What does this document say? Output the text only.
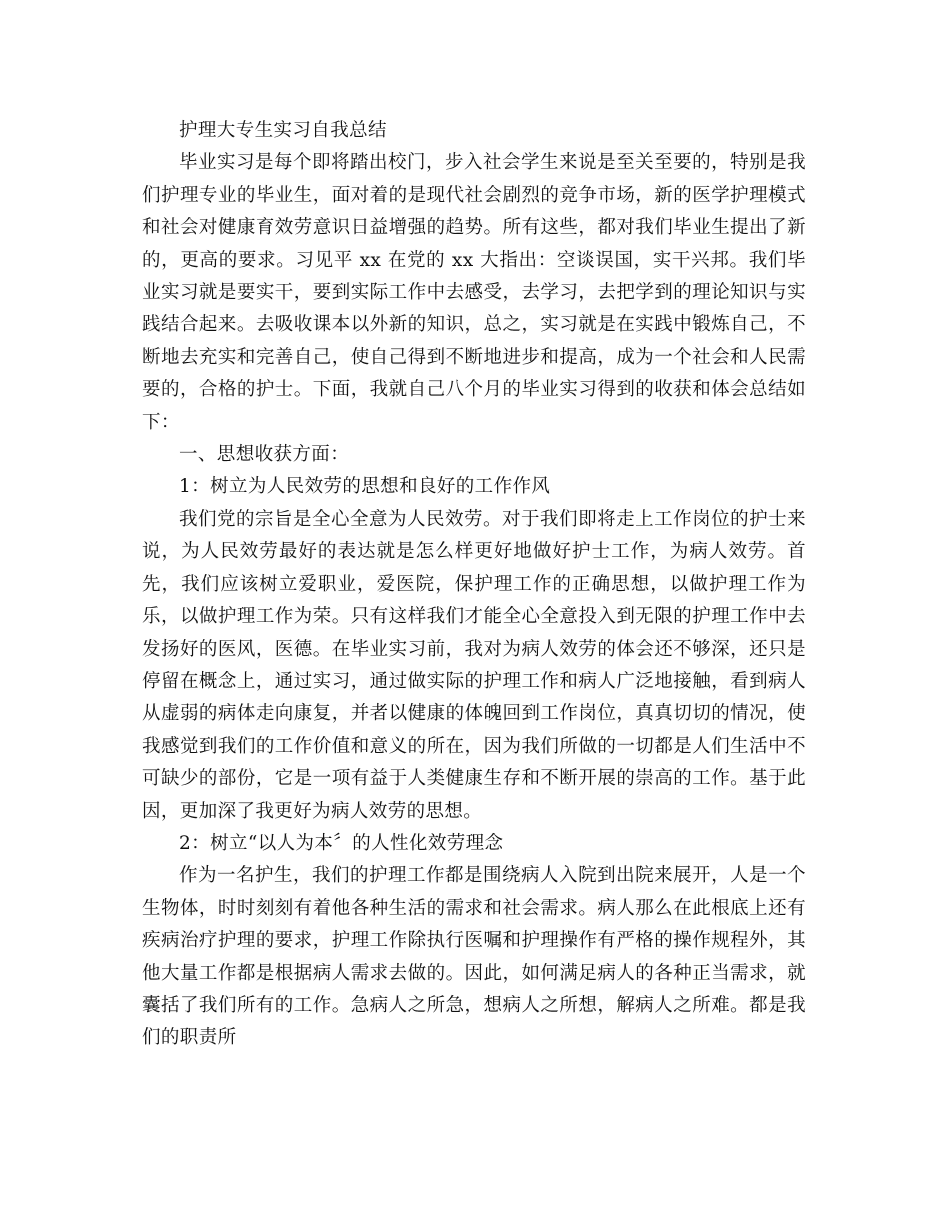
护理大专生实习自我总结

毕业实习是每个即将踏出校门，步入社会学生来说是至关至要的，特别是我们护理专业的毕业生，面对着的是现代社会剧烈的竞争市场，新的医学护理模式和社会对健康育效劳意识日益增强的趋势。所有这些，都对我们毕业生提出了新的，更高的要求。习见平 xx 在党的 xx 大指出：空谈误国，实干兴邦。我们毕业实习就是要实干，要到实际工作中去感受，去学习，去把学到的理论知识与实践结合起来。去吸收课本以外新的知识，总之，实习就是在实践中锻炼自己，不断地去充实和完善自己，使自己得到不断地进步和提高，成为一个社会和人民需要的，合格的护士。下面，我就自己八个月的毕业实习得到的收获和体会总结如下：

一、思想收获方面：

1：树立为人民效劳的思想和良好的工作作风

我们党的宗旨是全心全意为人民效劳。对于我们即将走上工作岗位的护士来说，为人民效劳最好的表达就是怎么样更好地做好护士工作，为病人效劳。首先，我们应该树立爱职业，爱医院，保护理工作的正确思想，以做护理工作为乐，以做护理工作为荣。只有这样我们才能全心全意投入到无限的护理工作中去发扬好的医风，医德。在毕业实习前，我对为病人效劳的体会还不够深，还只是停留在概念上，通过实习，通过做实际的护理工作和病人广泛地接触，看到病人从虚弱的病体走向康复，并者以健康的体魄回到工作岗位，真真切切的情况，使我感觉到我们的工作价值和意义的所在，因为我们所做的一切都是人们生活中不可缺少的部份，它是一项有益于人类健康生存和不断开展的崇高的工作。基于此因，更加深了我更好为病人效劳的思想。

2：树立“以人为本〞的人性化效劳理念

作为一名护生，我们的护理工作都是围绕病人入院到出院来展开，人是一个生物体，时时刻刻有着他各种生活的需求和社会需求。病人那么在此根底上还有疾病治疗护理的要求，护理工作除执行医嘱和护理操作有严格的操作规程外，其他大量工作都是根据病人需求去做的。因此，如何满足病人的各种正当需求，就囊括了我们所有的工作。急病人之所急，想病人之所想，解病人之所难。都是我们的职责所
